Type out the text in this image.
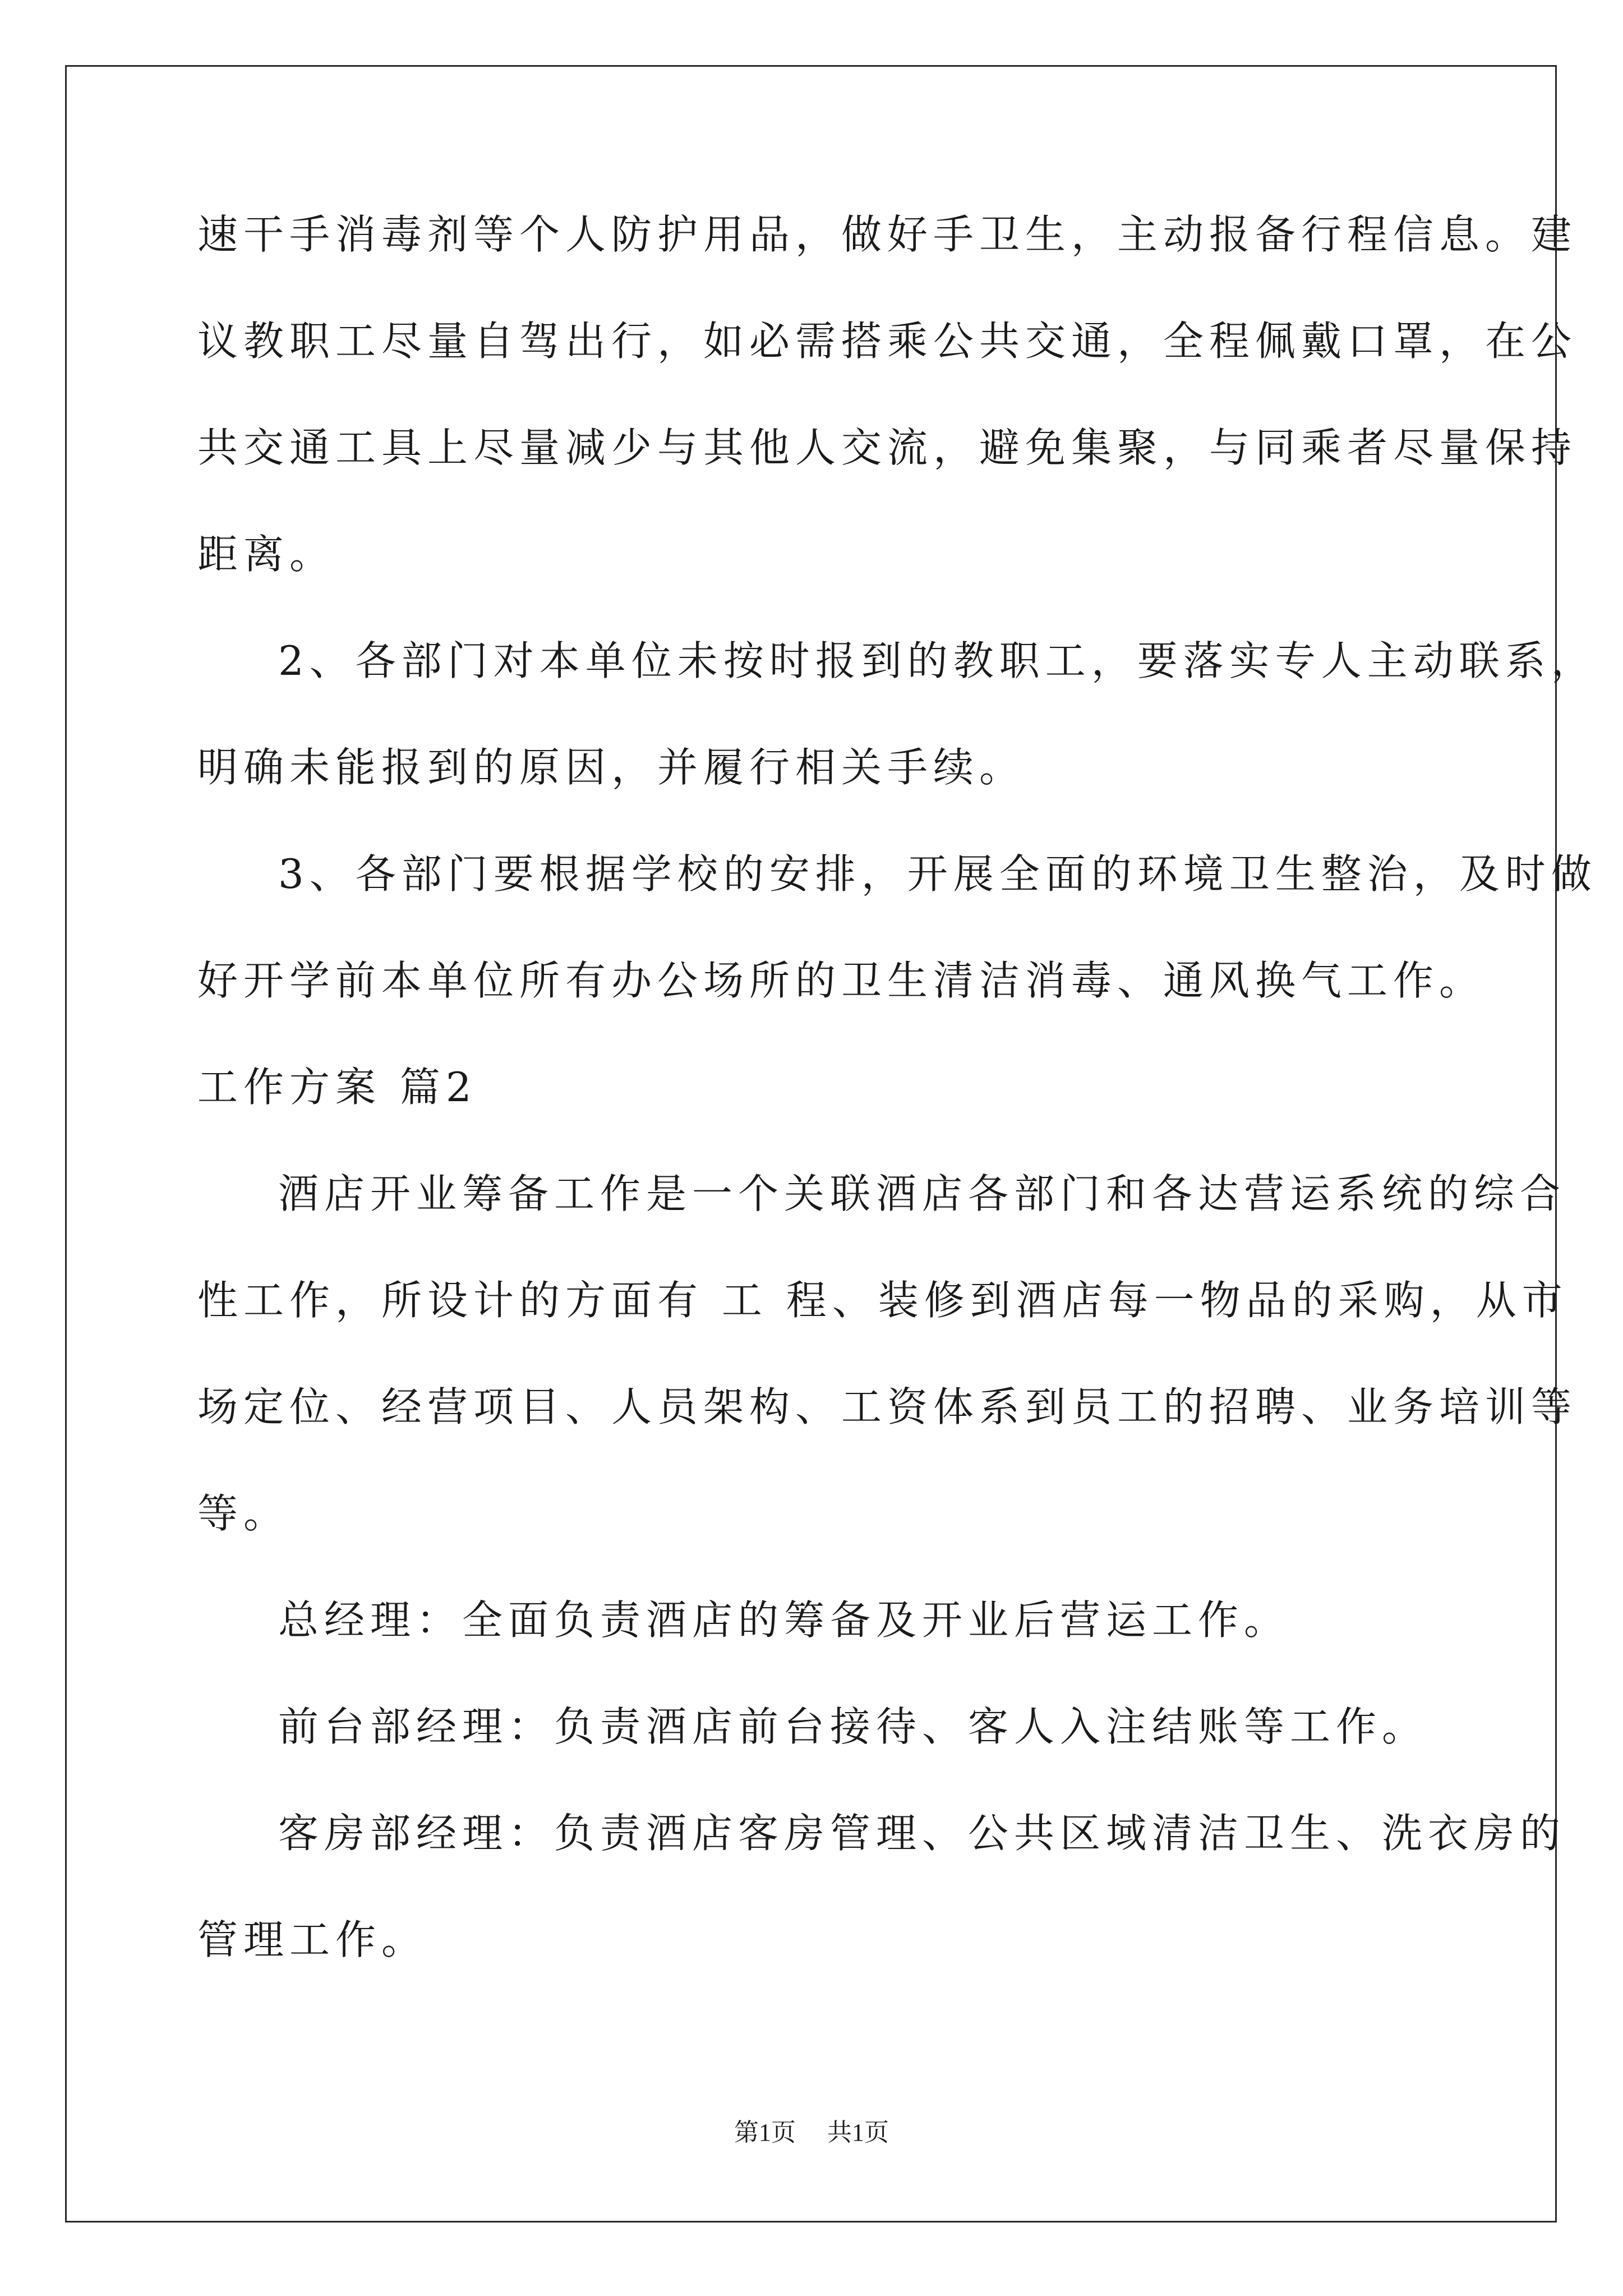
速干手消毒剂等个人防护用品，做好手卫生，主动报备行程信息。建
议教职工尽量自驾出行，如必需搭乘公共交通，全程佩戴口罩，在公
共交通工具上尽量减少与其他人交流，避免集聚，与同乘者尽量保持
距离。
2、各部门对本单位未按时报到的教职工，要落实专人主动联系，
明确未能报到的原因，并履行相关手续。
3、各部门要根据学校的安排，开展全面的环境卫生整治，及时做
好开学前本单位所有办公场所的卫生清洁消毒、通风换气工作。
工作方案 篇2
酒店开业筹备工作是一个关联酒店各部门和各达营运系统的综合
性工作，所设计的方面有 工 程、装修到酒店每一物品的采购，从市
场定位、经营项目、人员架构、工资体系到员工的招聘、业务培训等
等。
总经理：全面负责酒店的筹备及开业后营运工作。
前台部经理：负责酒店前台接待、客人入注结账等工作。
客房部经理：负责酒店客房管理、公共区域清洁卫生、洗衣房的
管理工作。
第1页 共1页
